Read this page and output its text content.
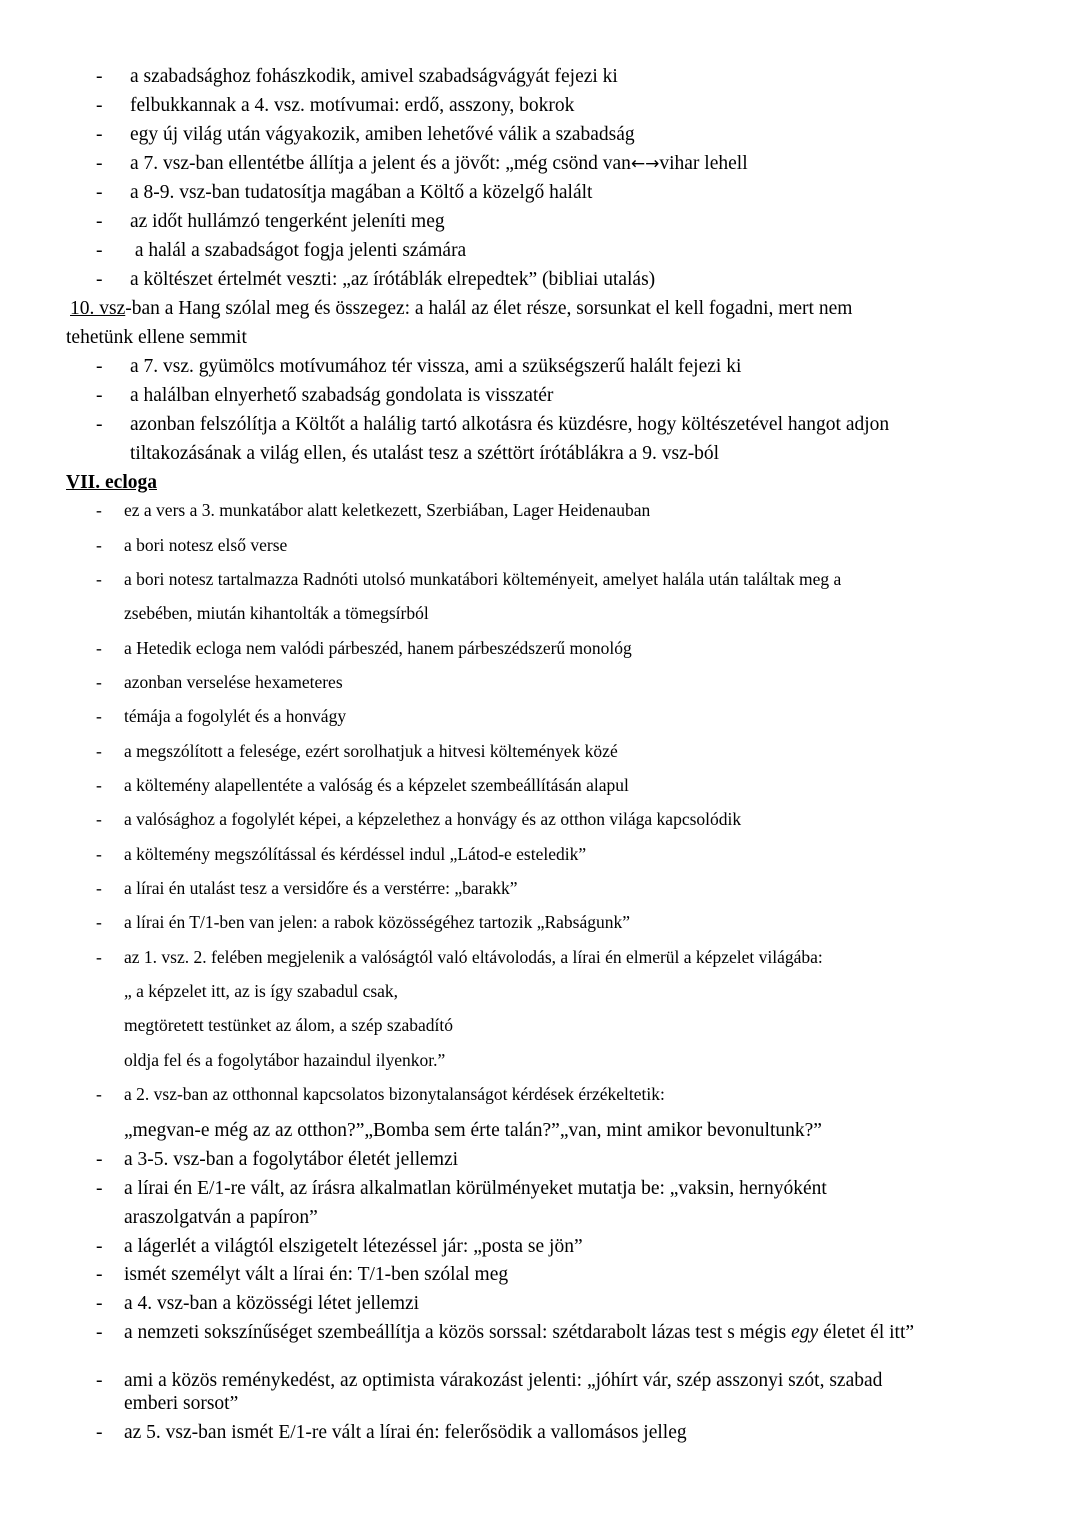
- a szabadsághoz fohászkodik, amivel szabadságvágyát fejezi ki
- felbukkannak a 4. vsz. motívumai: erdő, asszony, bokrok
- egy új világ után vágyakozik, amiben lehetővé válik a szabadság
- a 7. vsz-ban ellentétbe állítja a jelent és a jövőt: „még csönd van←→vihar lehell
- a 8-9. vsz-ban tudatosítja magában a Költő a közelgő halált
- az időt hullámzó tengerként jeleníti meg
- a halál a szabadságot fogja jelenti számára
- a költészet értelmét veszti: „az írótáblák elrepedtek” (bibliai utalás)
10. vsz-ban a Hang szólal meg és összegez: a halál az élet része, sorsunkat el kell fogadni, mert nem
tehetünk ellene semmit
- a 7. vsz. gyümölcs motívumához tér vissza, ami a szükségszerű halált fejezi ki
- a halálban elnyerhető szabadság gondolata is visszatér
- azonban felszólítja a Költőt a halálig tartó alkotásra és küzdésre, hogy költészetével hangot adjon
tiltakozásának a világ ellen, és utalást tesz a széttört írótáblákra a 9. vsz-ból
VII. ecloga
- ez a vers a 3. munkatábor alatt keletkezett, Szerbiában, Lager Heidenauban
- a bori notesz első verse
- a bori notesz tartalmazza Radnóti utolsó munkatábori költeményeit, amelyet halála után találtak meg a
zsebében, miután kihantolták a tömegsírból
- a Hetedik ecloga nem valódi párbeszéd, hanem párbeszédszerű monológ
- azonban verselése hexameteres
- témája a fogolylét és a honvágy
- a megszólított a felesége, ezért sorolhatjuk a hitvesi költemények közé
- a költemény alapellentéte a valóság és a képzelet szembeállításán alapul
- a valósághoz a fogolylét képei, a képzelethez a honvágy és az otthon világa kapcsolódik
- a költemény megszólítással és kérdéssel indul „Látod-e esteledik”
- a lírai én utalást tesz a versidőre és a verstérre: „barakk”
- a lírai én T/1-ben van jelen: a rabok közösségéhez tartozik „Rabságunk”
- az 1. vsz. 2. felében megjelenik a valóságtól való eltávolodás, a lírai én elmerül a képzelet világába:
„ a képzelet itt, az is így szabadul csak,
megtöretett testünket az álom, a szép szabadító
oldja fel és a fogolytábor hazaindul ilyenkor.”
- a 2. vsz-ban az otthonnal kapcsolatos bizonytalanságot kérdések érzékeltetik:
„megvan-e még az az otthon?”„Bomba sem érte talán?”„van, mint amikor bevonultunk?”
- a 3-5. vsz-ban a fogolytábor életét jellemzi
- a lírai én E/1-re vált, az írásra alkalmatlan körülményeket mutatja be: „vaksin, hernyóként
araszolgatván a papíron”
- a lágerlét a világtól elszigetelt létezéssel jár: „posta se jön”
- ismét személyt vált a lírai én: T/1-ben szólal meg
- a 4. vsz-ban a közösségi létet jellemzi
- a nemzeti sokszínűséget szembeállítja a közös sorssal: szétdarabolt lázas test s mégis egy életet él itt”
- ami a közös reménykedést, az optimista várakozást jelenti: „jóhírt vár, szép asszonyi szót, szabad
emberi sorsot”
- az 5. vsz-ban ismét E/1-re vált a lírai én: felerősödik a vallomásos jelleg
